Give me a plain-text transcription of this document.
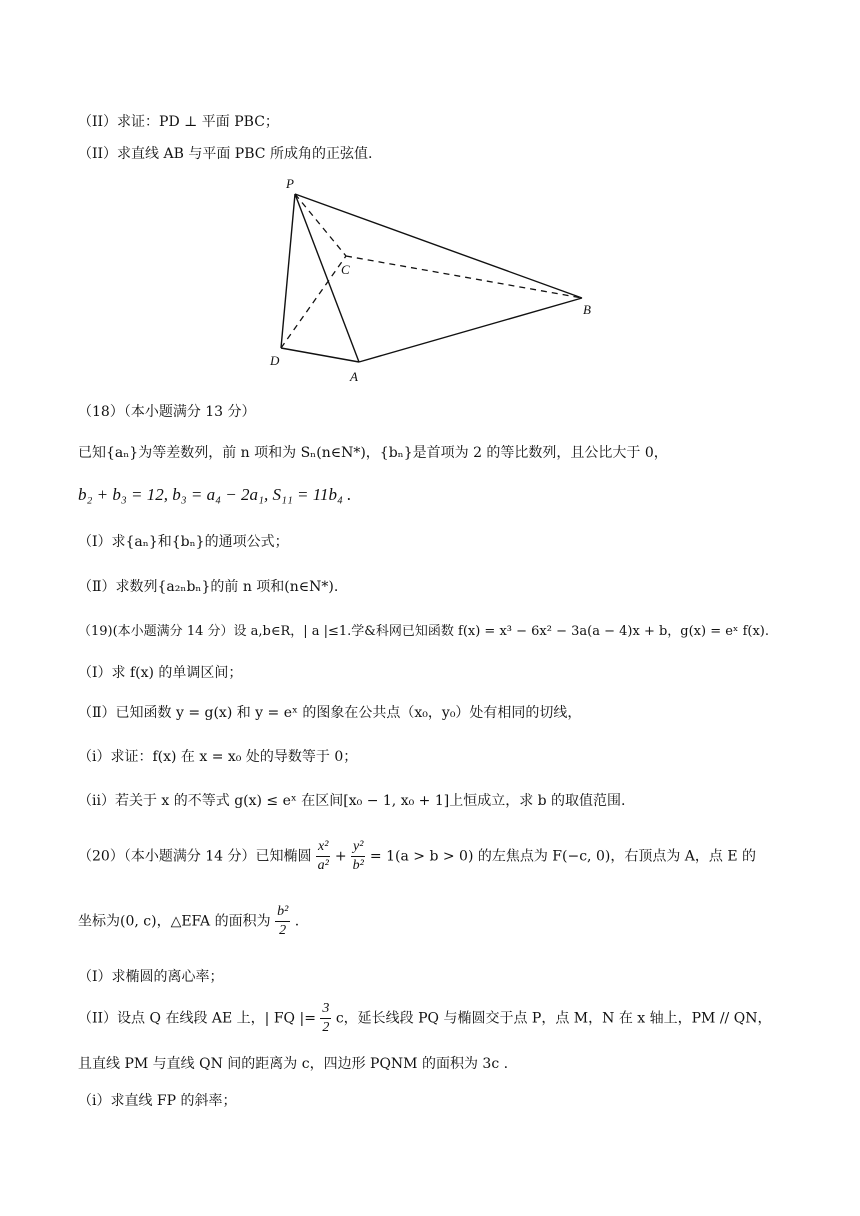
（II）求证：PD ⊥ 平面 PBC；
（II）求直线 AB 与平面 PBC 所成角的正弦值.
P
C
B
D
A
（18）（本小题满分 13 分）
已知{aₙ}为等差数列，前 n 项和为 Sₙ(n∈N*)，{bₙ}是首项为 2 的等比数列，且公比大于 0，
b₂ + b₃ = 12, b₃ = a₄ − 2a₁, S₁₁ = 11b₄ .
（Ⅰ）求{aₙ}和{bₙ}的通项公式；
（Ⅱ）求数列{a₂ₙbₙ}的前 n 项和(n∈N*).
（19)(本小题满分 14 分）设 a,b∈R，| a |≤1.学&科网已知函数 f(x) = x³ − 6x² − 3a(a − 4)x + b，g(x) = eˣ f(x).
（Ⅰ）求 f(x) 的单调区间；
（Ⅱ）已知函数 y = g(x) 和 y = eˣ 的图象在公共点（x₀，y₀）处有相同的切线，
（i）求证：f(x) 在 x = x₀ 处的导数等于 0；
（ii）若关于 x 的不等式 g(x) ≤ eˣ 在区间[x₀ − 1, x₀ + 1]上恒成立，求 b 的取值范围.
（20）（本小题满分 14 分）已知椭圆 $\frac{\text{x²}}{\text{a²}} + \frac{\text{y²}}{\text{b²}} = 1(a > b > 0)$ 的左焦点为 F(−c, 0)，右顶点为 A，点 E 的
坐标为(0, c)，△EFA 的面积为 $\frac{\text{b²}}{2}$ .
（I）求椭圆的离心率；
（II）设点 Q 在线段 AE 上，| FQ |= $\frac{3}{2}$ c，延长线段 PQ 与椭圆交于点 P，点 M，N 在 x 轴上，PM // QN，
且直线 PM 与直线 QN 间的距离为 c，四边形 PQNM 的面积为 3c .
（i）求直线 FP 的斜率；
